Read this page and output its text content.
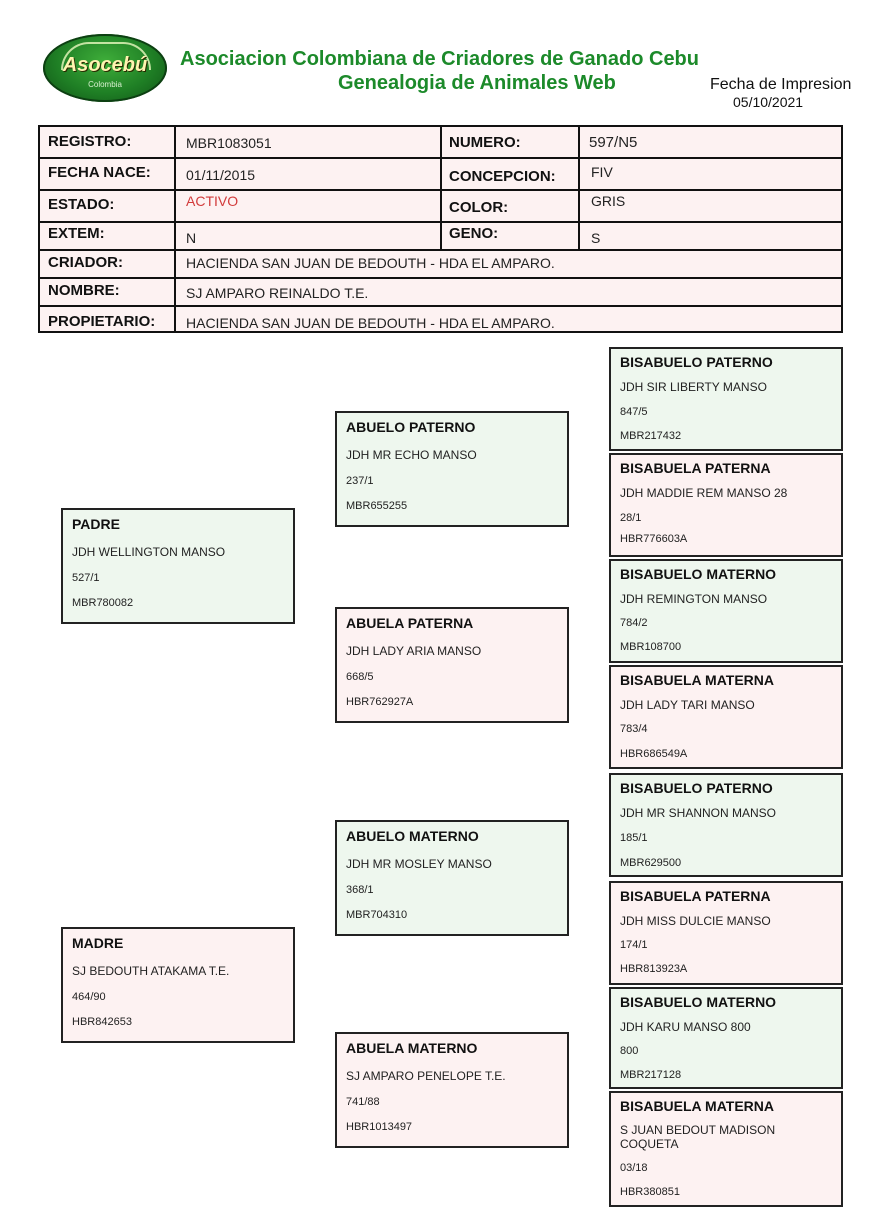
Asocebú
Colombia
Asociacion Colombiana de Criadores de Ganado Cebu
Genealogia de Animales Web	Fecha de Impresion
05/10/2021
REGISTRO:	MBR1083051	NUMERO:	597/N5
FECHA NACE:	01/11/2015	CONCEPCION:	FIV
ESTADO:	ACTIVO	COLOR:	GRIS
EXTEM:	N	GENO:	S
CRIADOR:	HACIENDA SAN JUAN DE BEDOUTH - HDA EL AMPARO.
NOMBRE:	SJ AMPARO REINALDO T.E.
PROPIETARIO: HACIENDA SAN JUAN DE BEDOUTH - HDA EL AMPARO.
PADRE
JDH WELLINGTON MANSO
527/1
MBR780082
MADRE
SJ BEDOUTH ATAKAMA T.E.
464/90
HBR842653
ABUELO PATERNO
JDH MR ECHO MANSO
237/1
MBR655255
ABUELA PATERNA
JDH LADY ARIA MANSO
668/5
HBR762927A
ABUELO MATERNO
JDH MR MOSLEY MANSO
368/1
MBR704310
ABUELA MATERNO
SJ AMPARO PENELOPE T.E.
741/88
HBR1013497
BISABUELO PATERNO
JDH SIR LIBERTY MANSO
847/5
MBR217432
BISABUELA PATERNA
JDH MADDIE REM MANSO 28
28/1
HBR776603A
BISABUELO MATERNO
JDH REMINGTON MANSO
784/2
MBR108700
BISABUELA MATERNA
JDH LADY TARI MANSO
783/4
HBR686549A
BISABUELO PATERNO
JDH MR SHANNON MANSO
185/1
MBR629500
BISABUELA PATERNA
JDH MISS DULCIE MANSO
174/1
HBR813923A
BISABUELO MATERNO
JDH KARU MANSO 800
800
MBR217128
BISABUELA MATERNA
S JUAN BEDOUT MADISON COQUETA
03/18
HBR380851
